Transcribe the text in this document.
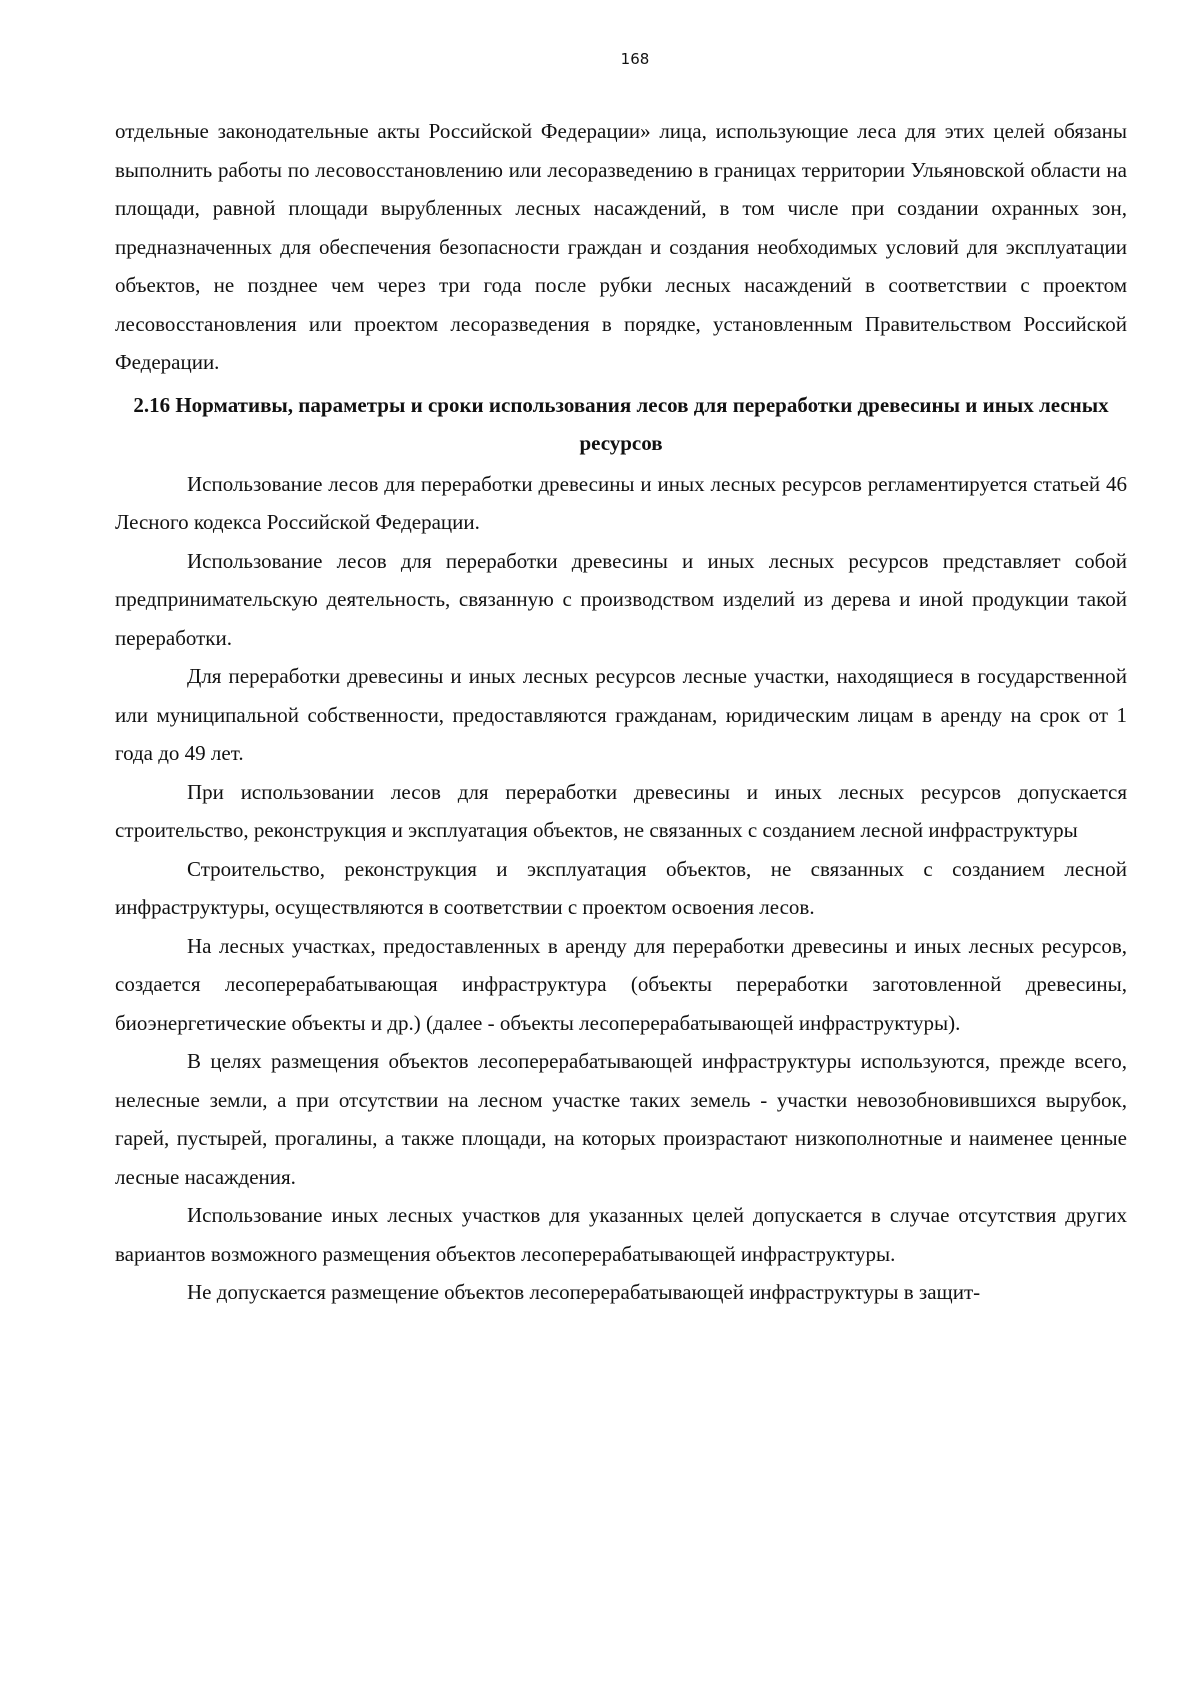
168

отдельные законодательные акты Российской Федерации» лица, использующие леса для этих целей обязаны выполнить работы по лесовосстановлению или лесоразведению в границах территории Ульяновской области на площади, равной площади вырубленных лесных насаждений, в том числе при создании охранных зон, предназначенных для обеспечения безопасности граждан и создания необходимых условий для эксплуатации объектов, не позднее чем через три года после рубки лесных насаждений в соответствии с проектом лесовосстановления или проектом лесоразведения в порядке, установленным Правительством Российской Федерации.

2.16 Нормативы, параметры и сроки использования лесов для переработки древесины и иных лесных ресурсов

Использование лесов для переработки древесины и иных лесных ресурсов регламентируется статьей 46 Лесного кодекса Российской Федерации.

Использование лесов для переработки древесины и иных лесных ресурсов представляет собой предпринимательскую деятельность, связанную с производством изделий из дерева и иной продукции такой переработки.

Для переработки древесины и иных лесных ресурсов лесные участки, находящиеся в государственной или муниципальной собственности, предоставляются гражданам, юридическим лицам в аренду на срок от 1 года до 49 лет.

При использовании лесов для переработки древесины и иных лесных ресурсов допускается строительство, реконструкция и эксплуатация объектов, не связанных с созданием лесной инфраструктуры

Строительство, реконструкция и эксплуатация объектов, не связанных с созданием лесной инфраструктуры, осуществляются в соответствии с проектом освоения лесов.

На лесных участках, предоставленных в аренду для переработки древесины и иных лесных ресурсов, создается лесоперерабатывающая инфраструктура (объекты переработки заготовленной древесины, биоэнергетические объекты и др.) (далее - объекты лесоперерабатывающей инфраструктуры).

В целях размещения объектов лесоперерабатывающей инфраструктуры используются, прежде всего, нелесные земли, а при отсутствии на лесном участке таких земель - участки невозобновившихся вырубок, гарей, пустырей, прогалины, а также площади, на которых произрастают низкополнотные и наименее ценные лесные насаждения.

Использование иных лесных участков для указанных целей допускается в случае отсутствия других вариантов возможного размещения объектов лесоперерабатывающей инфраструктуры.

Не допускается размещение объектов лесоперерабатывающей инфраструктуры в защит-
